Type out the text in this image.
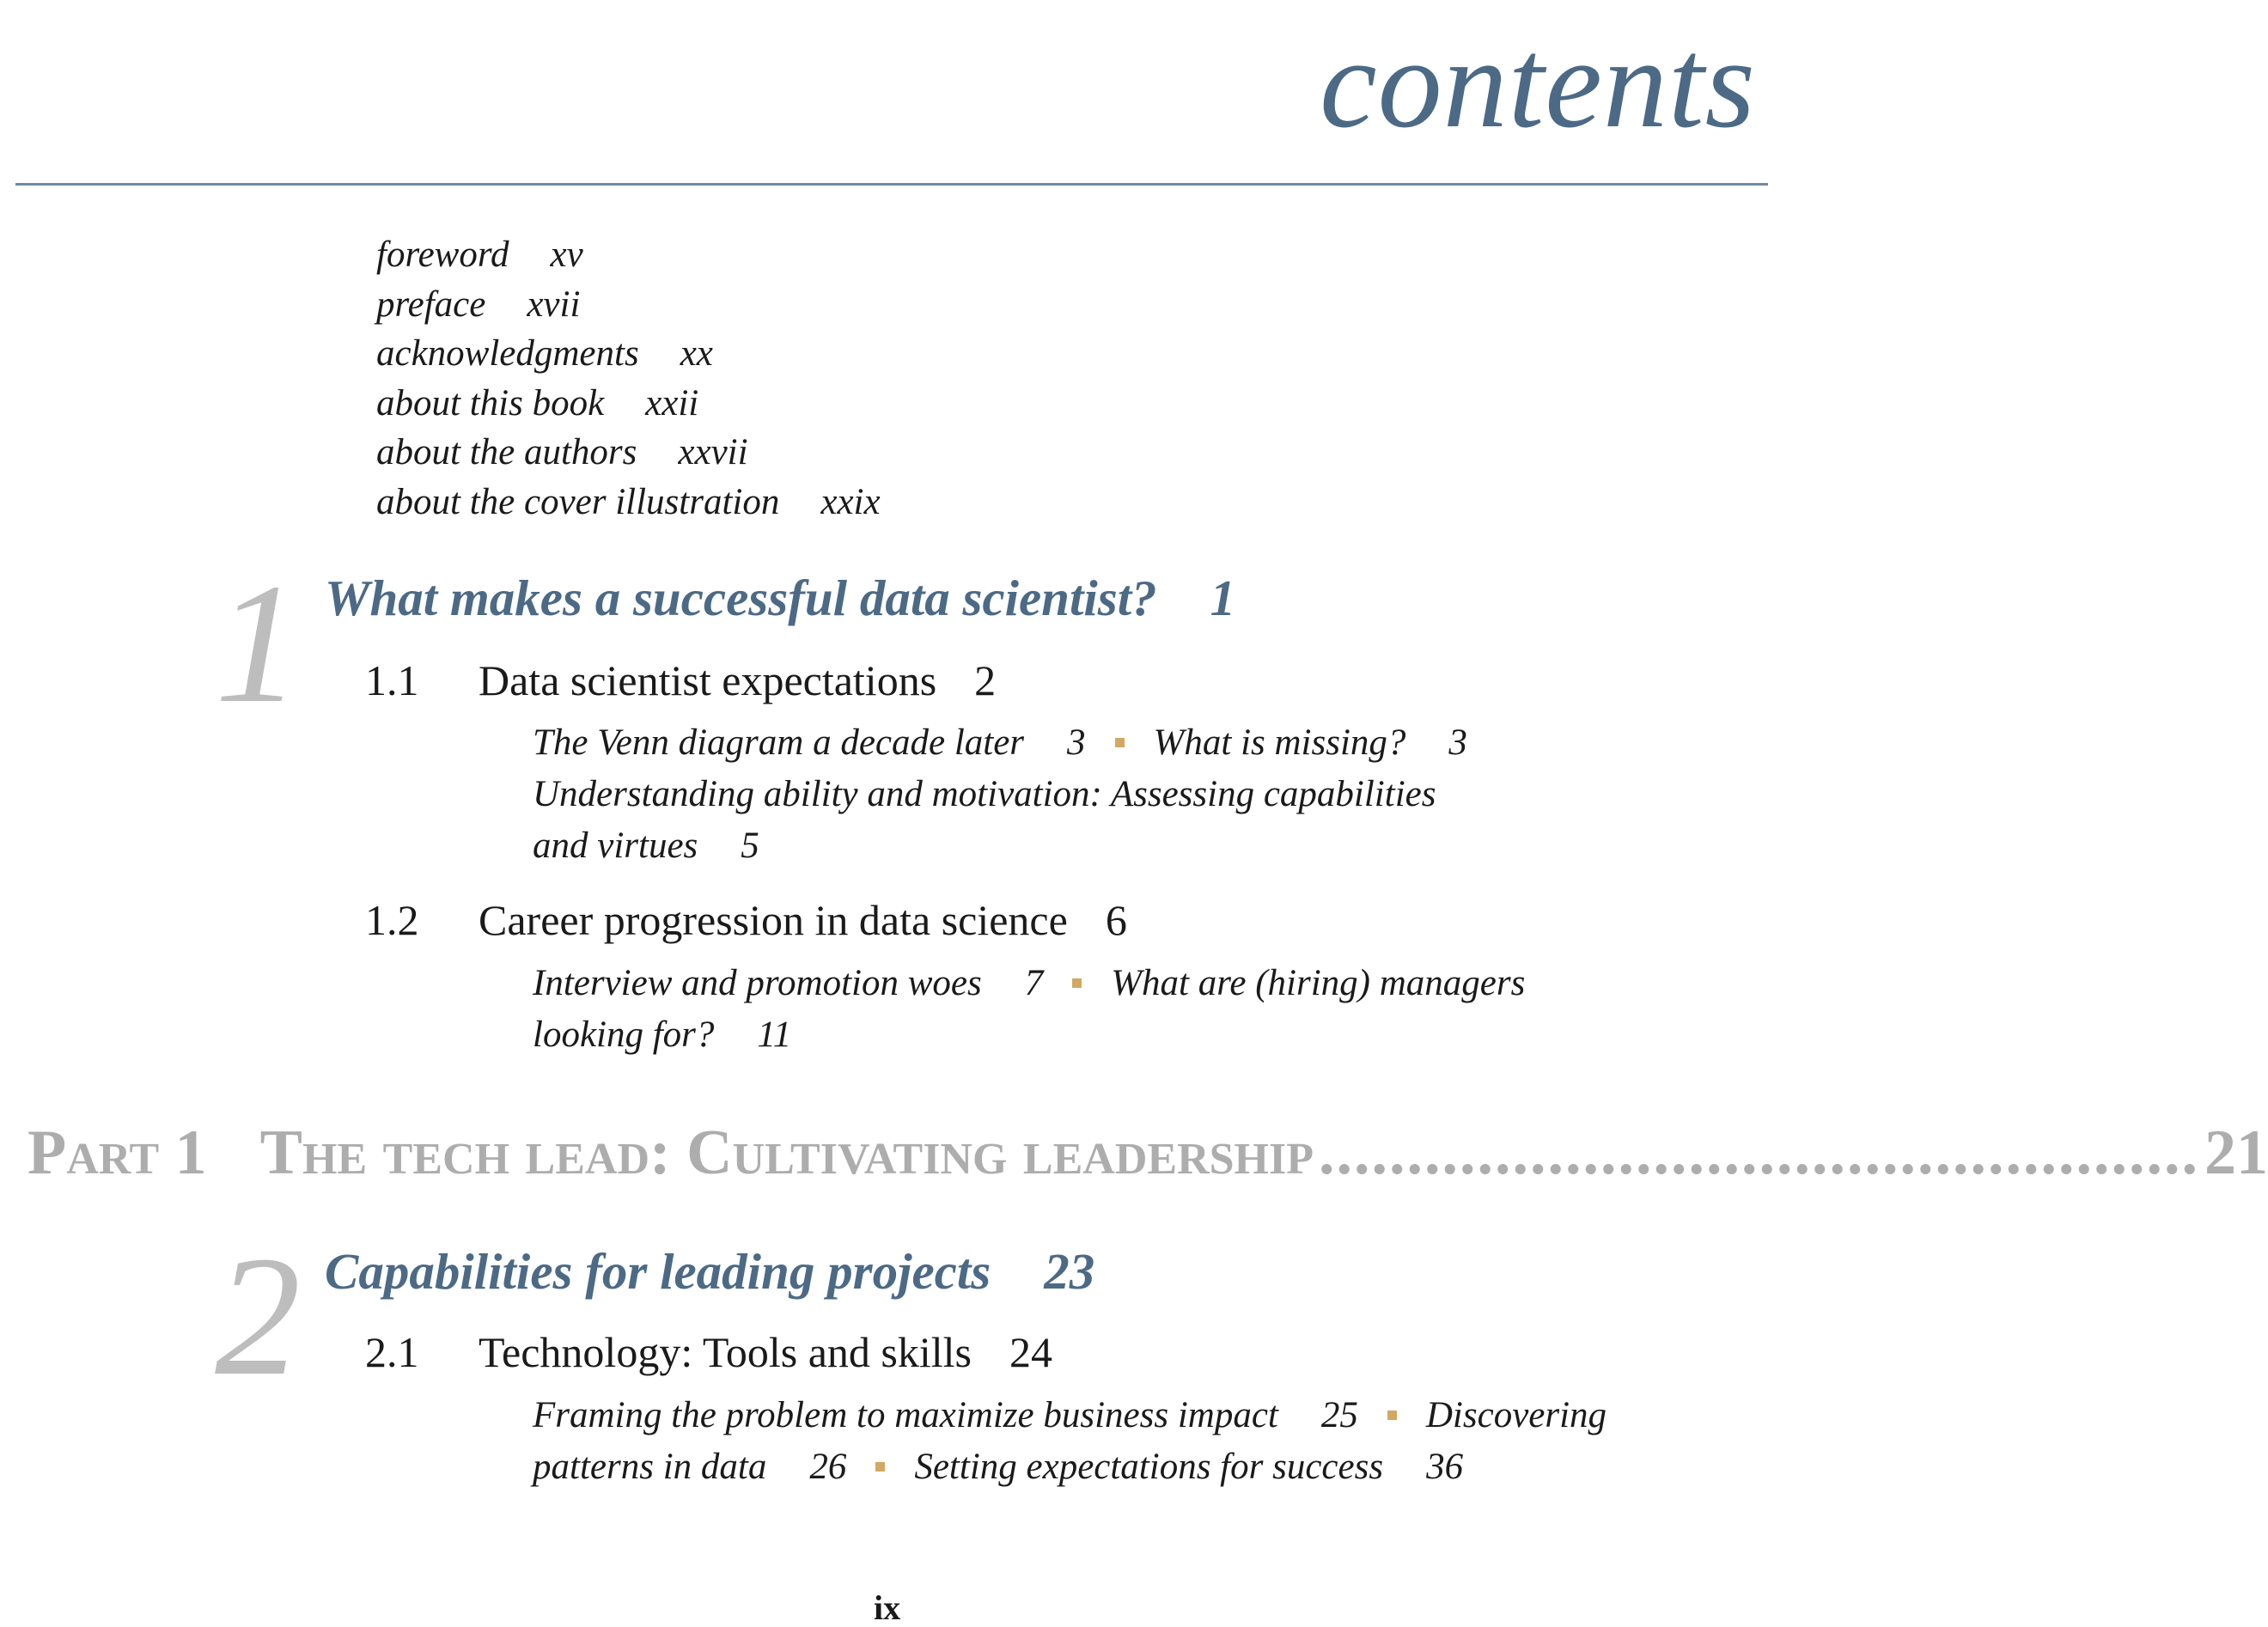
contents
foreword xv
preface xvii
acknowledgments xx
about this book xxii
about the authors xxvii
about the cover illustration xxix
1 What makes a successful data scientist? 1
1.1 Data scientist expectations 2
The Venn diagram a decade later 3 What is missing? 3
Understanding ability and motivation: Assessing capabilities
and virtues 5
1.2 Career progression in data science 6
Interview and promotion woes 7 What are (hiring) managers
looking for? 11
Part 1 The tech lead: Cultivating leadership .................................................. 21
2 Capabilities for leading projects 23
2.1 Technology: Tools and skills 24
Framing the problem to maximize business impact 25 Discovering
patterns in data 26 Setting expectations for success 36
ix
